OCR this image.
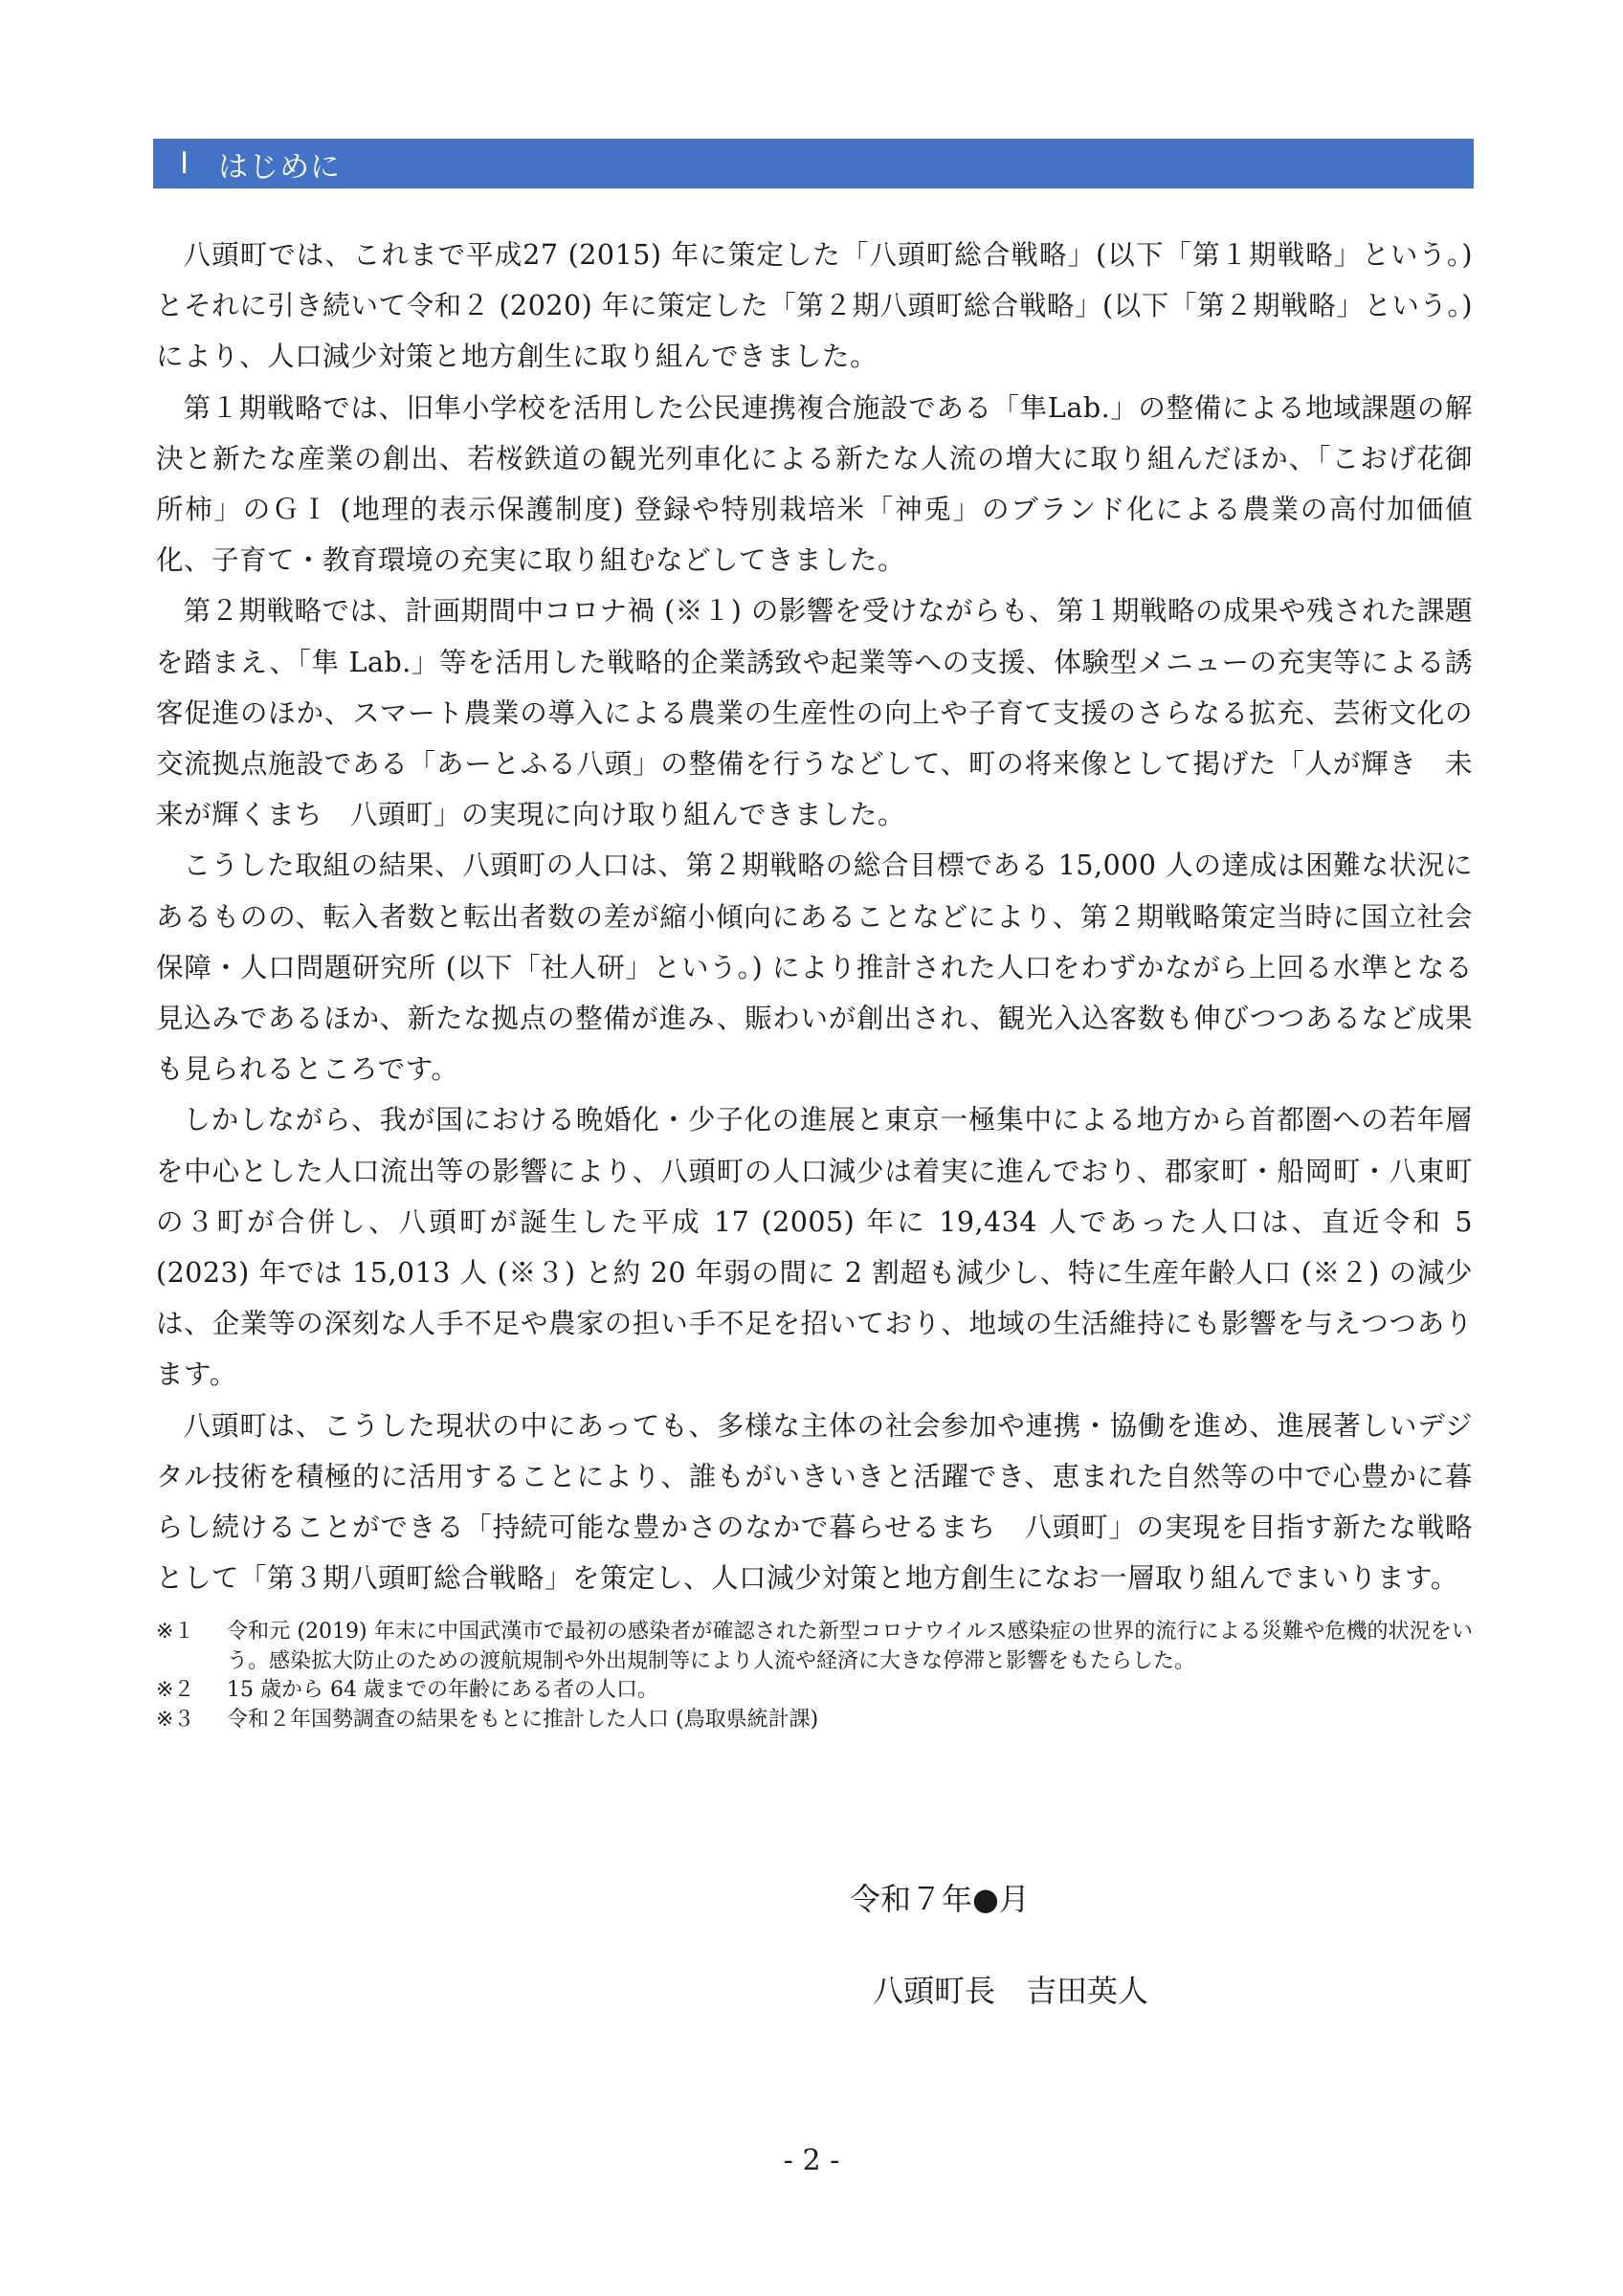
Ⅰ はじめに

八頭町では、これまで平成27 (2015) 年に策定した「八頭町総合戦略」(以下「第１期戦略」という。) とそれに引き続いて令和２ (2020) 年に策定した「第２期八頭町総合戦略」(以下「第２期戦略」という。) により、人口減少対策と地方創生に取り組んできました。

第１期戦略では、旧隼小学校を活用した公民連携複合施設である「隼Lab.」の整備による地域課題の解決と新たな産業の創出、若桜鉄道の観光列車化による新たな人流の増大に取り組んだほか、「こおげ花御所柿」のＧＩ (地理的表示保護制度) 登録や特別栽培米「神兎」のブランド化による農業の高付加価値化、子育て・教育環境の充実に取り組むなどしてきました。

第２期戦略では、計画期間中コロナ禍 (※１) の影響を受けながらも、第１期戦略の成果や残された課題を踏まえ、「隼 Lab.」等を活用した戦略的企業誘致や起業等への支援、体験型メニューの充実等による誘客促進のほか、スマート農業の導入による農業の生産性の向上や子育て支援のさらなる拡充、芸術文化の交流拠点施設である「あーとふる八頭」の整備を行うなどして、町の将来像として掲げた「人が輝き　未来が輝くまち　八頭町」の実現に向け取り組んできました。

こうした取組の結果、八頭町の人口は、第２期戦略の総合目標である 15,000 人の達成は困難な状況にあるものの、転入者数と転出者数の差が縮小傾向にあることなどにより、第２期戦略策定当時に国立社会保障・人口問題研究所 (以下「社人研」という。) により推計された人口をわずかながら上回る水準となる見込みであるほか、新たな拠点の整備が進み、賑わいが創出され、観光入込客数も伸びつつあるなど成果も見られるところです。

しかしながら、我が国における晩婚化・少子化の進展と東京一極集中による地方から首都圏への若年層を中心とした人口流出等の影響により、八頭町の人口減少は着実に進んでおり、郡家町・船岡町・八東町の３町が合併し、八頭町が誕生した平成 17 (2005) 年に 19,434 人であった人口は、直近令和 5 (2023) 年では 15,013 人 (※３) と約 20 年弱の間に 2 割超も減少し、特に生産年齢人口 (※２) の減少は、企業等の深刻な人手不足や農家の担い手不足を招いており、地域の生活維持にも影響を与えつつあります。

八頭町は、こうした現状の中にあっても、多様な主体の社会参加や連携・協働を進め、進展著しいデジタル技術を積極的に活用することにより、誰もがいきいきと活躍でき、恵まれた自然等の中で心豊かに暮らし続けることができる「持続可能な豊かさのなかで暮らせるまち　八頭町」の実現を目指す新たな戦略として「第３期八頭町総合戦略」を策定し、人口減少対策と地方創生になお一層取り組んでまいります。

※１	令和元 (2019) 年末に中国武漢市で最初の感染者が確認された新型コロナウイルス感染症の世界的流行による災難や危機的状況をいう。感染拡大防止のための渡航規制や外出規制等により人流や経済に大きな停滞と影響をもたらした。
※２	15 歳から 64 歳までの年齢にある者の人口。
※３	令和２年国勢調査の結果をもとに推計した人口 (鳥取県統計課)
令和７年●月
八頭町長　吉田英人
- 2 -
